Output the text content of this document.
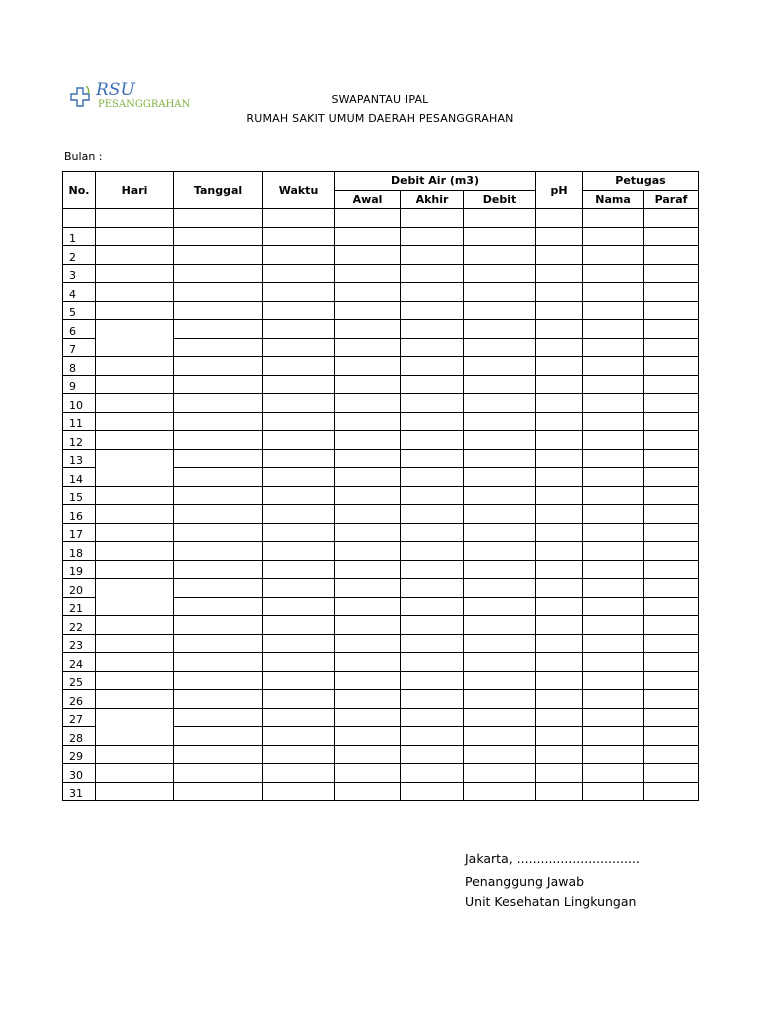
RSU
PESANGGRAHAN	SWAPANTAU IPAL
RUMAH SAKIT UMUM DAERAH PESANGGRAHAN
Bulan :
No.	Hari	Tanggal	Waktu	Debit Air (m3)			pH	Petugas	
				Awal	Akhir	Debit		Nama	Paraf

1									
2									
3									
4									
5									
6									
7									
8									
9									
10									
11									
12									
13									
14									
15									
16									
17									
18									
19									
20									
21									
22									
23									
24									
25									
26									
27									
28									
29									
30									
31									
Jakarta, ...............................
Penanggung Jawab
Unit Kesehatan Lingkungan
